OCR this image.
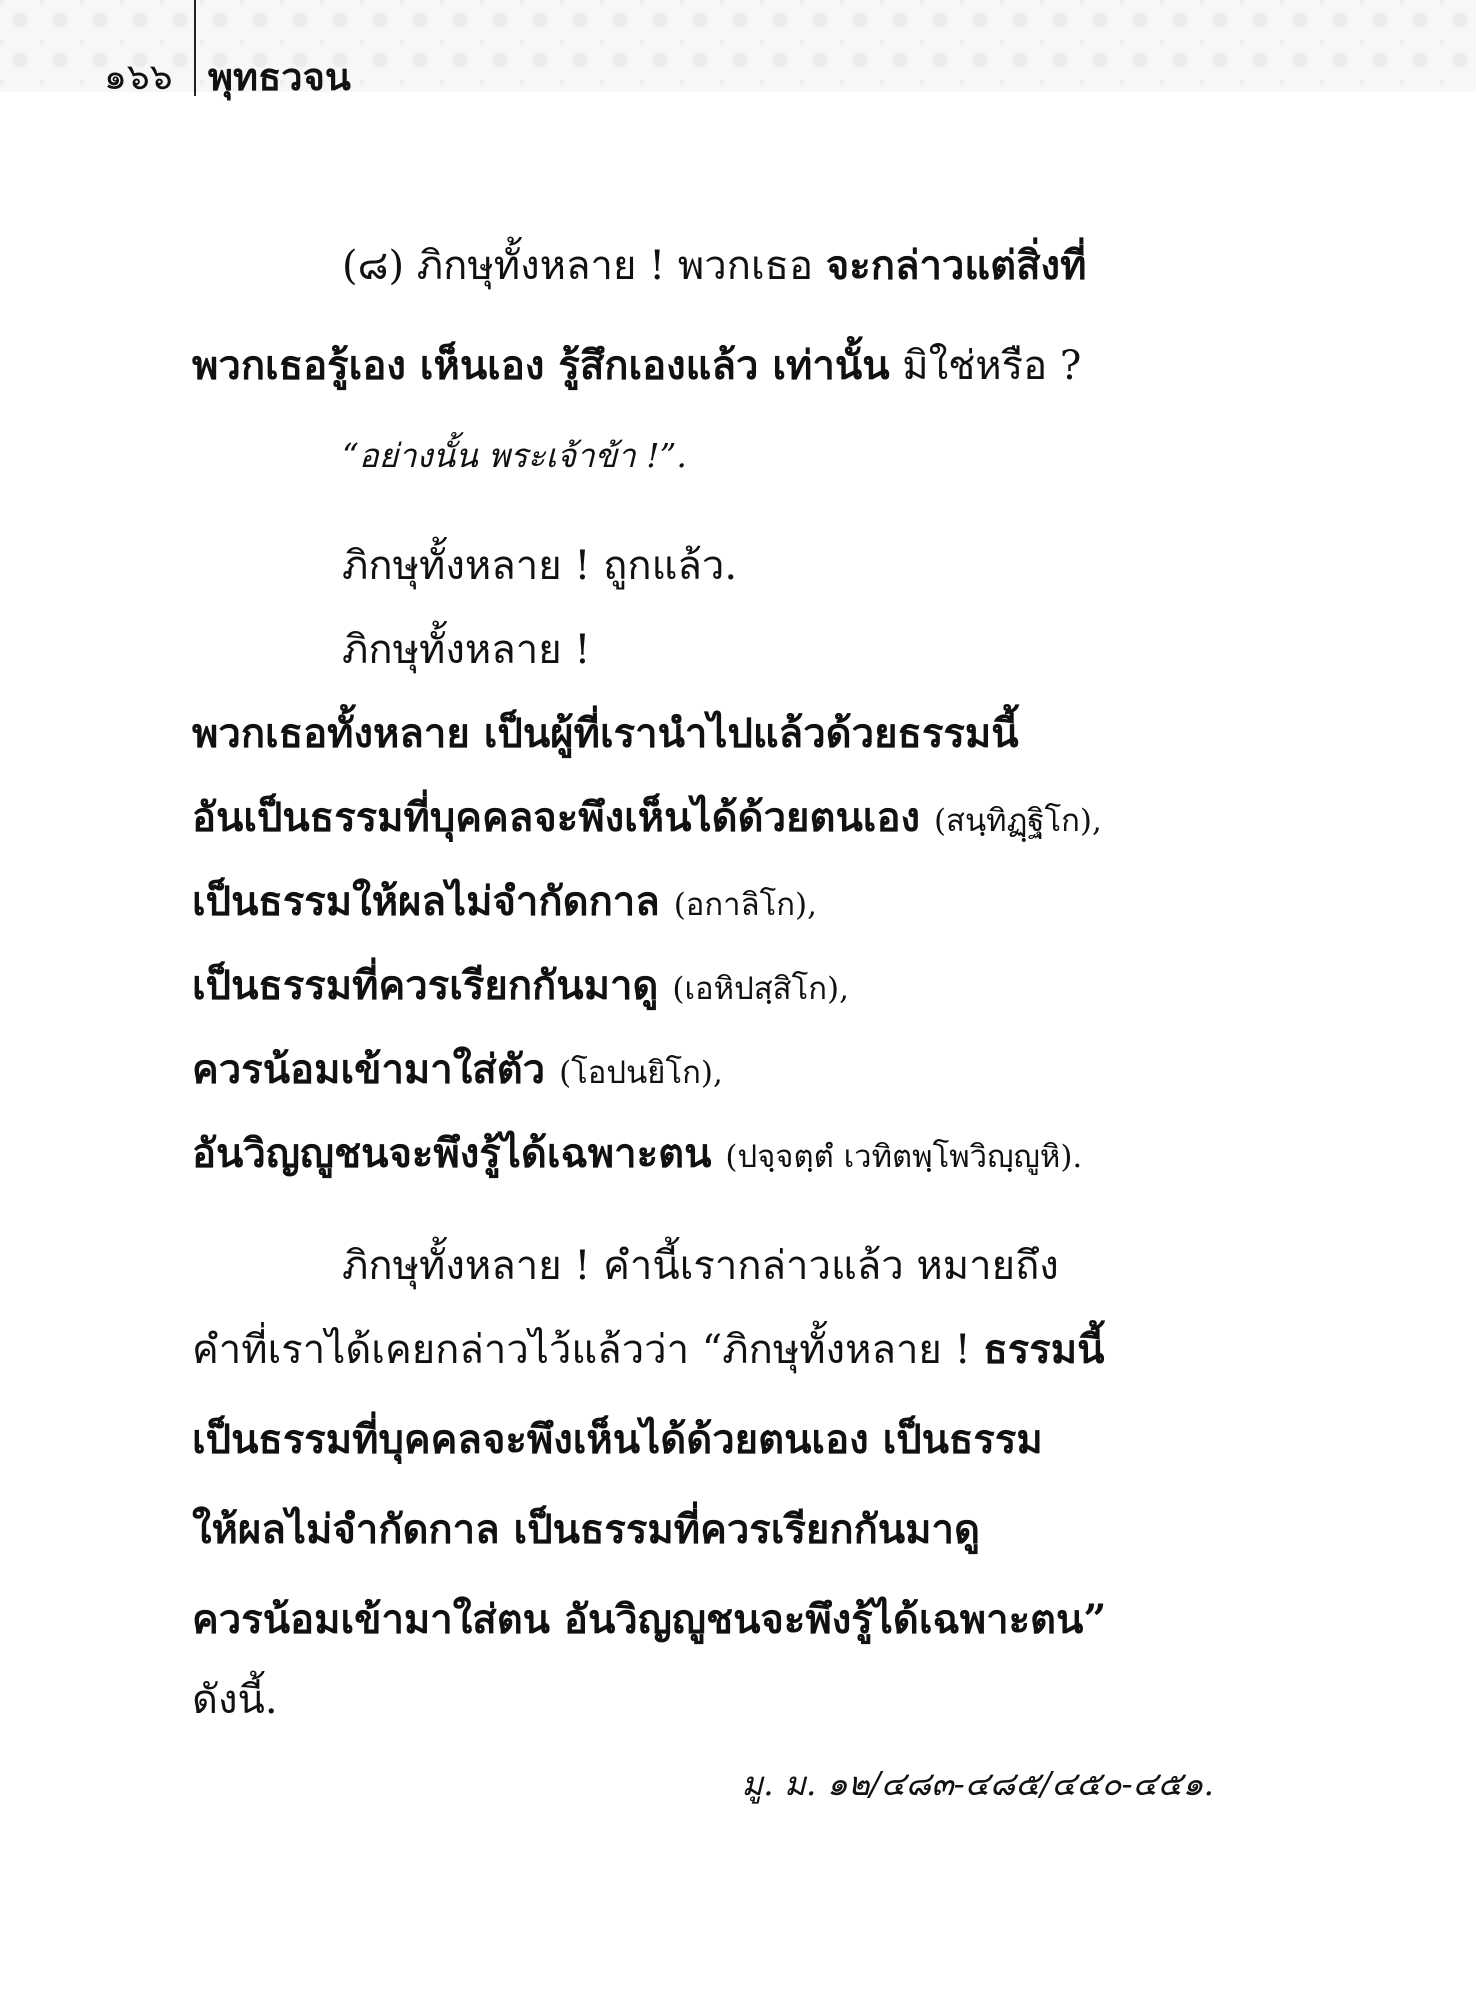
๑๖๖ พุทธวจน
(๘) ภิกษุทั้งหลาย ! พวกเธอ จะกล่าวแต่สิ่งที่
พวกเธอรู้เอง เห็นเอง รู้สึกเองแล้ว เท่านั้น มิใช่หรือ ?
“อย่างนั้น พระเจ้าข้า !”.
ภิกษุทั้งหลาย ! ถูกแล้ว.
ภิกษุทั้งหลาย !
พวกเธอทั้งหลาย เป็นผู้ที่เรานำไปแล้วด้วยธรรมนี้
อันเป็นธรรมที่บุคคลจะพึงเห็นได้ด้วยตนเอง (สนฺทิฏฺฐิโก),
เป็นธรรมให้ผลไม่จำกัดกาล (อกาลิโก),
เป็นธรรมที่ควรเรียกกันมาดู (เอหิปสฺสิโก),
ควรน้อมเข้ามาใส่ตัว (โอปนยิโก),
อันวิญญูชนจะพึงรู้ได้เฉพาะตน (ปจฺจตฺตํ เวทิตพฺโพวิญฺญูหิ).
ภิกษุทั้งหลาย ! คำนี้เรากล่าวแล้ว หมายถึง
คำที่เราได้เคยกล่าวไว้แล้วว่า “ภิกษุทั้งหลาย ! ธรรมนี้
เป็นธรรมที่บุคคลจะพึงเห็นได้ด้วยตนเอง เป็นธรรม
ให้ผลไม่จำกัดกาล เป็นธรรมที่ควรเรียกกันมาดู
ควรน้อมเข้ามาใส่ตน อันวิญญูชนจะพึงรู้ได้เฉพาะตน”
ดังนี้.
มู. ม. ๑๒/๔๘๓-๔๘๕/๔๕๐-๔๕๑.
